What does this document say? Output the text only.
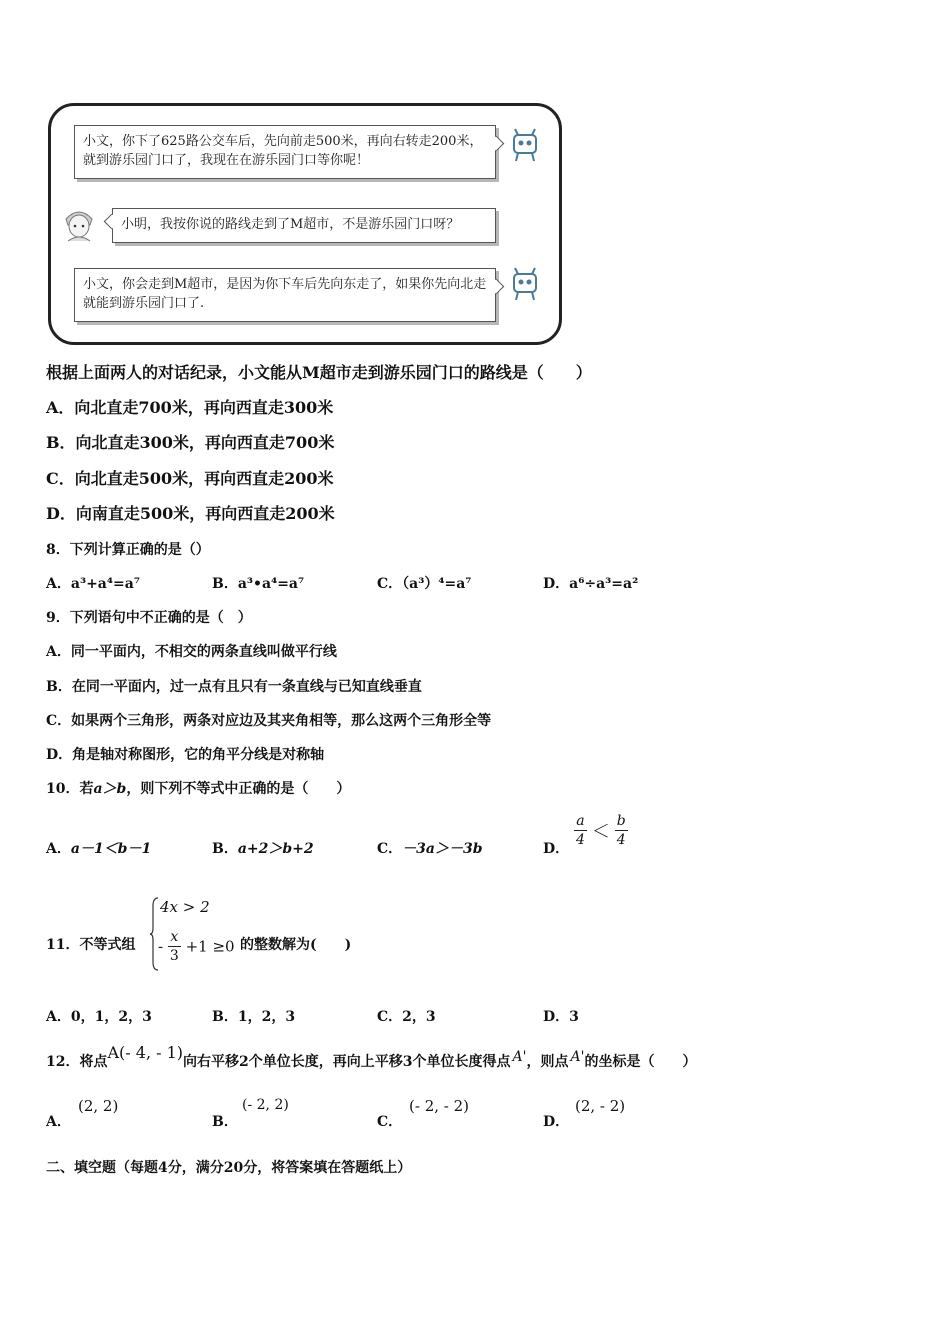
小文，你下了625路公交车后，先向前走500米，再向右转走200米，就到游乐园门口了，我现在在游乐园门口等你呢！
小明，我按你说的路线走到了M超市，不是游乐园门口呀？
小文，你会走到M超市，是因为你下车后先向东走了，如果你先向北走就能到游乐园门口了.
根据上面两人的对话纪录，小文能从M超市走到游乐园门口的路线是（　　）
A．向北直走700米，再向西直走300米
B．向北直走300米，再向西直走700米
C．向北直走500米，再向西直走200米
D．向南直走500米，再向西直走200米
8．下列计算正确的是（）
A．a³+a⁴=a⁷	B．a³•a⁴=a⁷	C．（a³）⁴=a⁷	D．a⁶÷a³=a²
9．下列语句中不正确的是（　）
A．同一平面内，不相交的两条直线叫做平行线
B．在同一平面内，过一点有且只有一条直线与已知直线垂直
C．如果两个三角形，两条对应边及其夹角相等，那么这两个三角形全等
D．角是轴对称图形，它的角平分线是对称轴
10．若a＞b，则下列不等式中正确的是（　　）
A．a－1＜b－1	B．a+2＞b+2	C．－3a＞－3b	D． $\frac{a}{4} < \frac{b}{4}$
11．不等式组
4x > 2
- $\frac{x}{3} +1 \ge 0$ 的整数解为(　　)
A．0，1，2，3	B．1，2，3	C．2，3	D．3
12．将点A(- 4, - 1)向右平移2个单位长度，再向上平移3个单位长度得点 A'，则点 A'的坐标是（　　）
A．
(2, 2)
B．
(- 2, 2)
C．
(- 2, - 2)
D．
(2, - 2)
二、填空题（每题4分，满分20分，将答案填在答题纸上）
